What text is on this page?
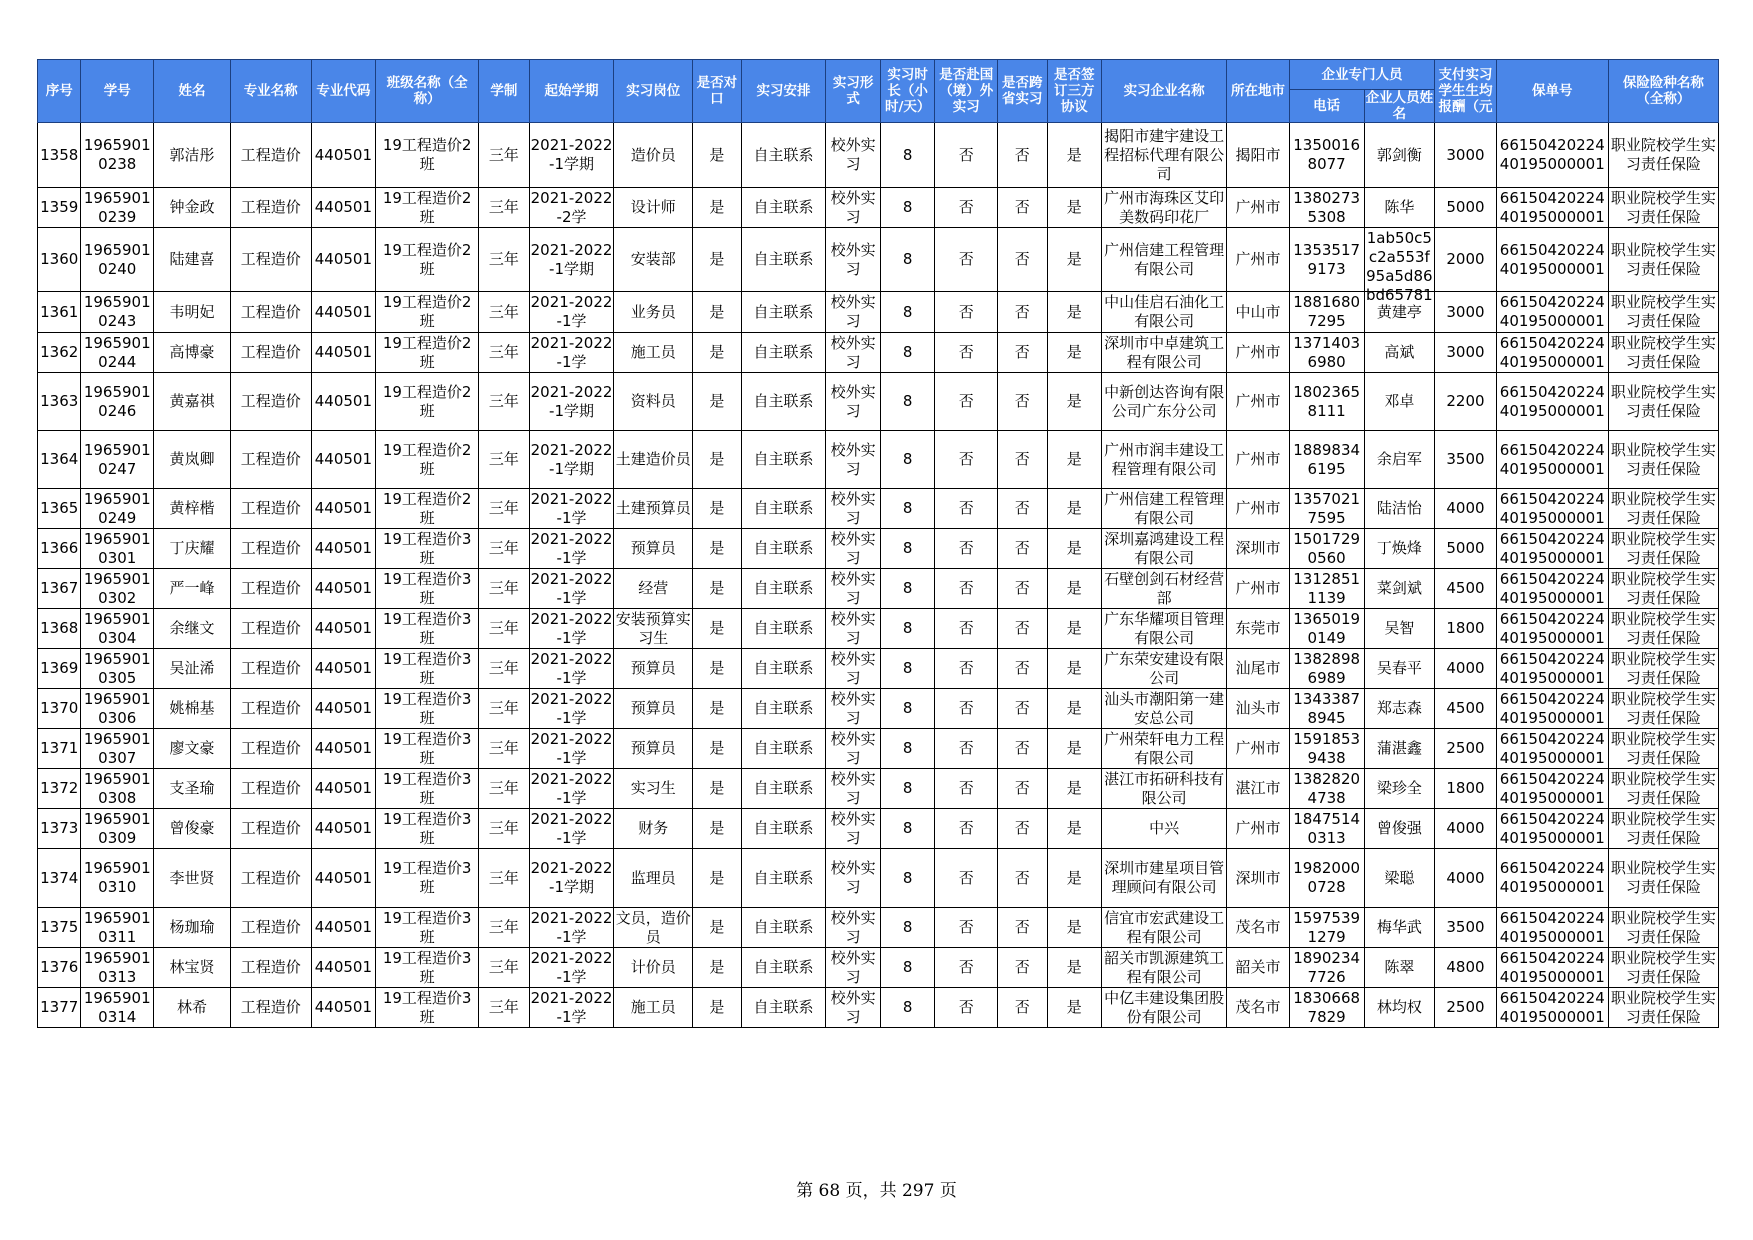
序号	学号	姓名	专业名称	专业代码	班级名称（全称）	学制	起始学期	实习岗位	是否对口	实习安排	实习形式	实习时长（小时/天）	是否赴国（境）外实习	是否跨省实习	是否签订三方协议	实习企业名称	所在地市	企业专门人员		支付实习学生生均报酬（元	保单号	保险险种名称（全称）
																		电话	企业人员姓名			

1358	19659010238	郭洁彤	工程造价	440501	19工程造价2班	三年	2021-2022-1学期	造价员	是	自主联系	校外实习	8	否	否	是	揭阳市建宇建设工程招标代理有限公司	揭阳市	13500168077	郭剑衡	3000	6615042022440195000001	职业院校学生实习责任保险

1359	19659010239	钟金政	工程造价	440501	19工程造价2班	三年	2021-2022-2学	设计师	是	自主联系	校外实习	8	否	否	是	广州市海珠区艾印美数码印花厂	广州市	13802735308	陈华	5000	6615042022440195000001	职业院校学生实习责任保险

1360	19659010240	陆建喜	工程造价	440501	19工程造价2班	三年	2021-2022-1学期	安装部	是	自主联系	校外实习	8	否	否	是	广州信建工程管理有限公司	广州市	13535179173	1ab50c5c2a553f95a5d86bd65781	2000	6615042022440195000001	职业院校学生实习责任保险

1361	19659010243	韦明妃	工程造价	440501	19工程造价2班	三年	2021-2022-1学	业务员	是	自主联系	校外实习	8	否	否	是	中山佳启石油化工有限公司	中山市	18816807295	黄建亭	3000	6615042022440195000001	职业院校学生实习责任保险

1362	19659010244	高博豪	工程造价	440501	19工程造价2班	三年	2021-2022-1学	施工员	是	自主联系	校外实习	8	否	否	是	深圳市中卓建筑工程有限公司	广州市	13714036980	高斌	3000	6615042022440195000001	职业院校学生实习责任保险

1363	19659010246	黄嘉祺	工程造价	440501	19工程造价2班	三年	2021-2022-1学期	资料员	是	自主联系	校外实习	8	否	否	是	中新创达咨询有限公司广东分公司	广州市	18023658111	邓卓	2200	6615042022440195000001	职业院校学生实习责任保险

1364	19659010247	黄岚卿	工程造价	440501	19工程造价2班	三年	2021-2022-1学期	土建造价员	是	自主联系	校外实习	8	否	否	是	广州市润丰建设工程管理有限公司	广州市	18898346195	余启军	3500	6615042022440195000001	职业院校学生实习责任保险

1365	19659010249	黄梓楷	工程造价	440501	19工程造价2班	三年	2021-2022-1学	土建预算员	是	自主联系	校外实习	8	否	否	是	广州信建工程管理有限公司	广州市	13570217595	陆洁怡	4000	6615042022440195000001	职业院校学生实习责任保险

1366	19659010301	丁庆耀	工程造价	440501	19工程造价3班	三年	2021-2022-1学	预算员	是	自主联系	校外实习	8	否	否	是	深圳嘉鸿建设工程有限公司	深圳市	15017290560	丁焕烽	5000	6615042022440195000001	职业院校学生实习责任保险

1367	19659010302	严一峰	工程造价	440501	19工程造价3班	三年	2021-2022-1学	经营	是	自主联系	校外实习	8	否	否	是	石壁创剑石材经营部	广州市	13128511139	菜剑斌	4500	6615042022440195000001	职业院校学生实习责任保险

1368	19659010304	余继文	工程造价	440501	19工程造价3班	三年	2021-2022-1学	安装预算实习生	是	自主联系	校外实习	8	否	否	是	广东华耀项目管理有限公司	东莞市	13650190149	吴智	1800	6615042022440195000001	职业院校学生实习责任保险

1369	19659010305	吴沚浠	工程造价	440501	19工程造价3班	三年	2021-2022-1学	预算员	是	自主联系	校外实习	8	否	否	是	广东荣安建设有限公司	汕尾市	13828986989	吴春平	4000	6615042022440195000001	职业院校学生实习责任保险

1370	19659010306	姚棉基	工程造价	440501	19工程造价3班	三年	2021-2022-1学	预算员	是	自主联系	校外实习	8	否	否	是	汕头市潮阳第一建安总公司	汕头市	13433878945	郑志森	4500	6615042022440195000001	职业院校学生实习责任保险

1371	19659010307	廖文豪	工程造价	440501	19工程造价3班	三年	2021-2022-1学	预算员	是	自主联系	校外实习	8	否	否	是	广州荣轩电力工程有限公司	广州市	15918539438	蒲湛鑫	2500	6615042022440195000001	职业院校学生实习责任保险

1372	19659010308	支圣瑜	工程造价	440501	19工程造价3班	三年	2021-2022-1学	实习生	是	自主联系	校外实习	8	否	否	是	湛江市拓研科技有限公司	湛江市	13828204738	梁珍全	1800	6615042022440195000001	职业院校学生实习责任保险

1373	19659010309	曾俊豪	工程造价	440501	19工程造价3班	三年	2021-2022-1学	财务	是	自主联系	校外实习	8	否	否	是	中兴	广州市	18475140313	曾俊强	4000	6615042022440195000001	职业院校学生实习责任保险

1374	19659010310	李世贤	工程造价	440501	19工程造价3班	三年	2021-2022-1学期	监理员	是	自主联系	校外实习	8	否	否	是	深圳市建星项目管理顾问有限公司	深圳市	19820000728	梁聪	4000	6615042022440195000001	职业院校学生实习责任保险

1375	19659010311	杨珈瑜	工程造价	440501	19工程造价3班	三年	2021-2022-1学	文员，造价员	是	自主联系	校外实习	8	否	否	是	信宜市宏武建设工程有限公司	茂名市	15975391279	梅华武	3500	6615042022440195000001	职业院校学生实习责任保险

1376	19659010313	林宝贤	工程造价	440501	19工程造价3班	三年	2021-2022-1学	计价员	是	自主联系	校外实习	8	否	否	是	韶关市凯源建筑工程有限公司	韶关市	18902347726	陈翠	4800	6615042022440195000001	职业院校学生实习责任保险

1377	19659010314	林希	工程造价	440501	19工程造价3班	三年	2021-2022-1学	施工员	是	自主联系	校外实习	8	否	否	是	中亿丰建设集团股份有限公司	茂名市	18306687829	林均权	2500	6615042022440195000001	职业院校学生实习责任保险
第 68 页，共 297 页
